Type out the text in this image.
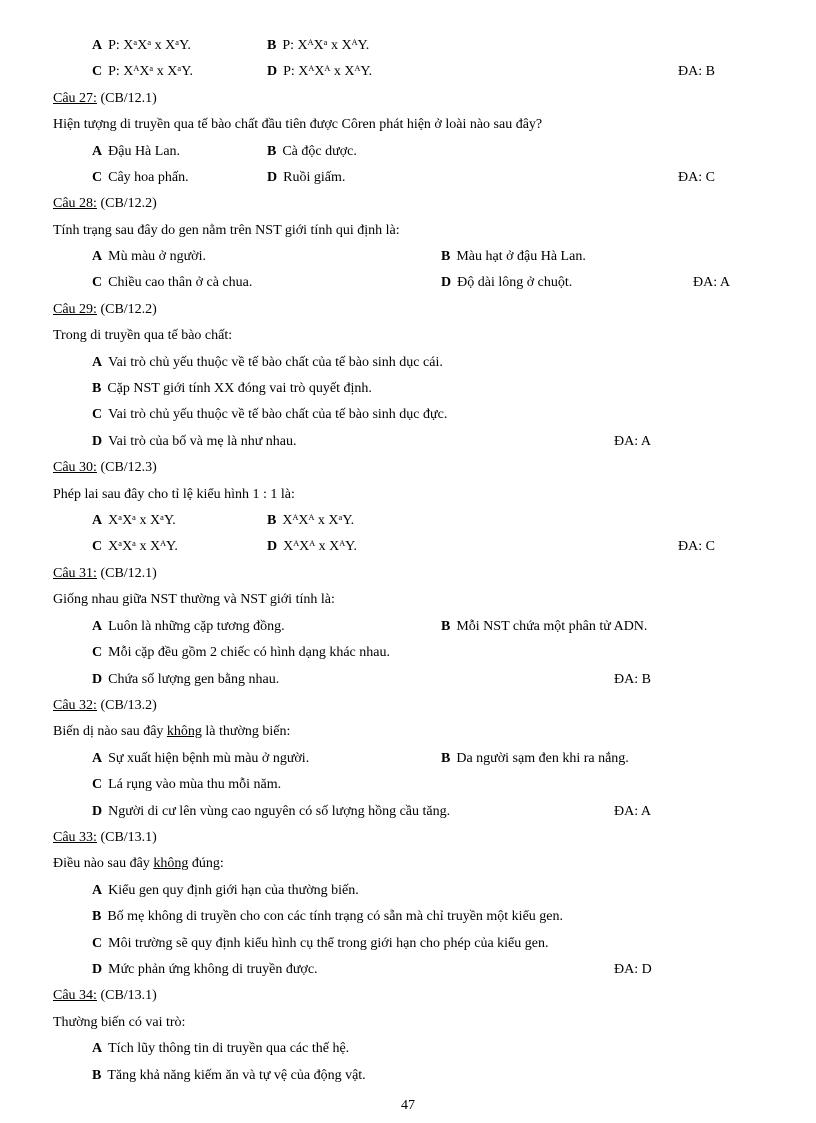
A P: XᵃXᵃ x XᵃY.	B P: XᴬXᵃ x XᴬY.
C P: XᴬXᵃ x XᵃY.	D P: XᴬXᴬ x XᴬY.	ĐA: B
Câu 27: (CB/12.1)
Hiện tượng di truyền qua tế bào chất đầu tiên được Côren phát hiện ở loài nào sau đây?
A Đậu Hà Lan.	B Cà độc dược.
C Cây hoa phấn.	D Ruồi giấm.	ĐA: C
Câu 28: (CB/12.2)
Tính trạng sau đây do gen nằm trên NST giới tính qui định là:
A Mù màu ở người.	B Màu hạt ở đậu Hà Lan.
C Chiều cao thân ở cà chua.	D Độ dài lông ở chuột.	ĐA: A
Câu 29: (CB/12.2)
Trong di truyền qua tế bào chất:
A Vai trò chủ yếu thuộc về tế bào chất của tế bào sinh dục cái.
B Cặp NST giới tính XX đóng vai trò quyết định.
C Vai trò chủ yếu thuộc về tế bào chất của tế bào sinh dục đực.
D Vai trò của bố và mẹ là như nhau.	ĐA: A
Câu 30: (CB/12.3)
Phép lai sau đây cho tỉ lệ kiểu hình 1 : 1 là:
A XᵃXᵃ x XᵃY.	B XᴬXᴬ x XᵃY.
C XᵃXᵃ x XᴬY.	D XᴬXᴬ x XᴬY.	ĐA: C
Câu 31: (CB/12.1)
Giống nhau giữa NST thường và NST giới tính là:
A Luôn là những cặp tương đồng.	B Mỗi NST chứa một phân tử ADN.
C Mỗi cặp đều gồm 2 chiếc có hình dạng khác nhau.
D Chứa số lượng gen bằng nhau.	ĐA: B
Câu 32: (CB/13.2)
Biến dị nào sau đây không là thường biến:
A Sự xuất hiện bệnh mù màu ở người.	B Da người sạm đen khi ra nắng.
C Lá rụng vào mùa thu mỗi năm.
D Người di cư lên vùng cao nguyên có số lượng hồng cầu tăng.	ĐA: A
Câu 33: (CB/13.1)
Điều nào sau đây không đúng:
A Kiểu gen quy định giới hạn của thường biến.
B Bố mẹ không di truyền cho con các tính trạng có sẵn mà chỉ truyền một kiểu gen.
C Môi trường sẽ quy định kiểu hình cụ thể trong giới hạn cho phép của kiểu gen.
D Mức phản ứng không di truyền được.	ĐA: D
Câu 34: (CB/13.1)
Thường biến có vai trò:
A Tích lũy thông tin di truyền qua các thế hệ.
B Tăng khả năng kiếm ăn và tự vệ của động vật.
47
